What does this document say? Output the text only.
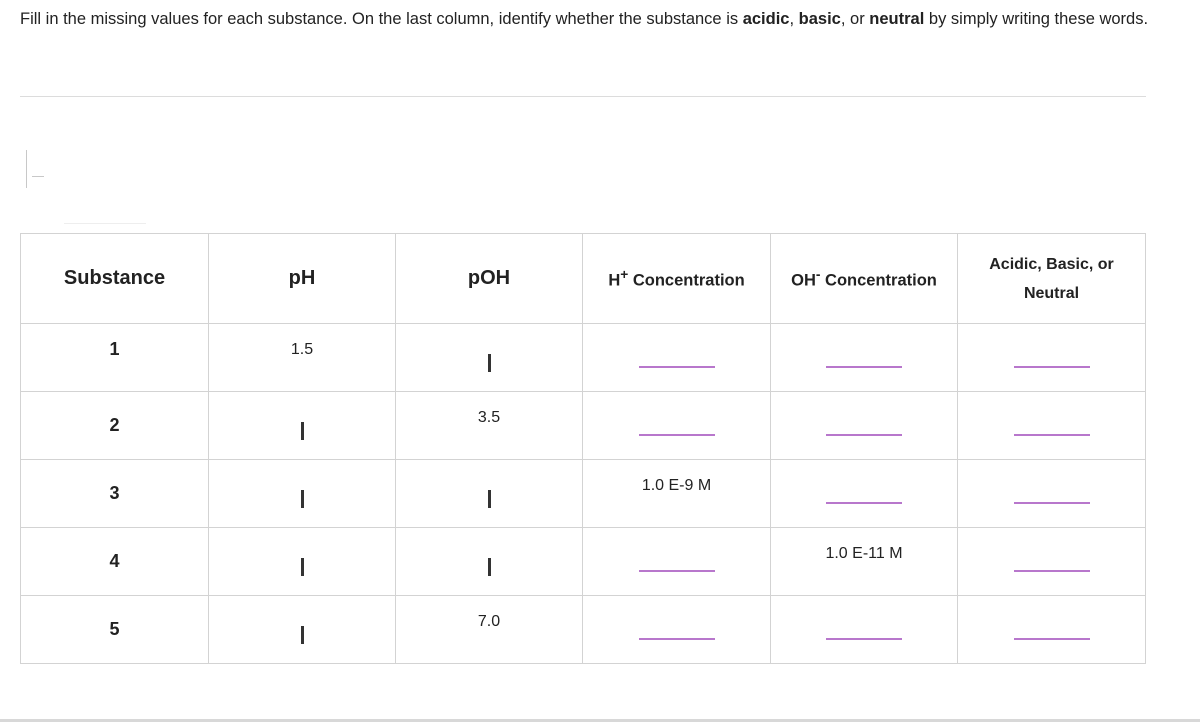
Fill in the missing values for each substance. On the last column, identify whether the substance is acidic, basic, or neutral by simply writing these words.
Substance	pH	pOH	H+ Concentration	OH- Concentration	Acidic, Basic, or
Neutral
1	1.5				
2		3.5			
3			1.0 E-9 M		
4				1.0 E-11 M	
5		7.0			
